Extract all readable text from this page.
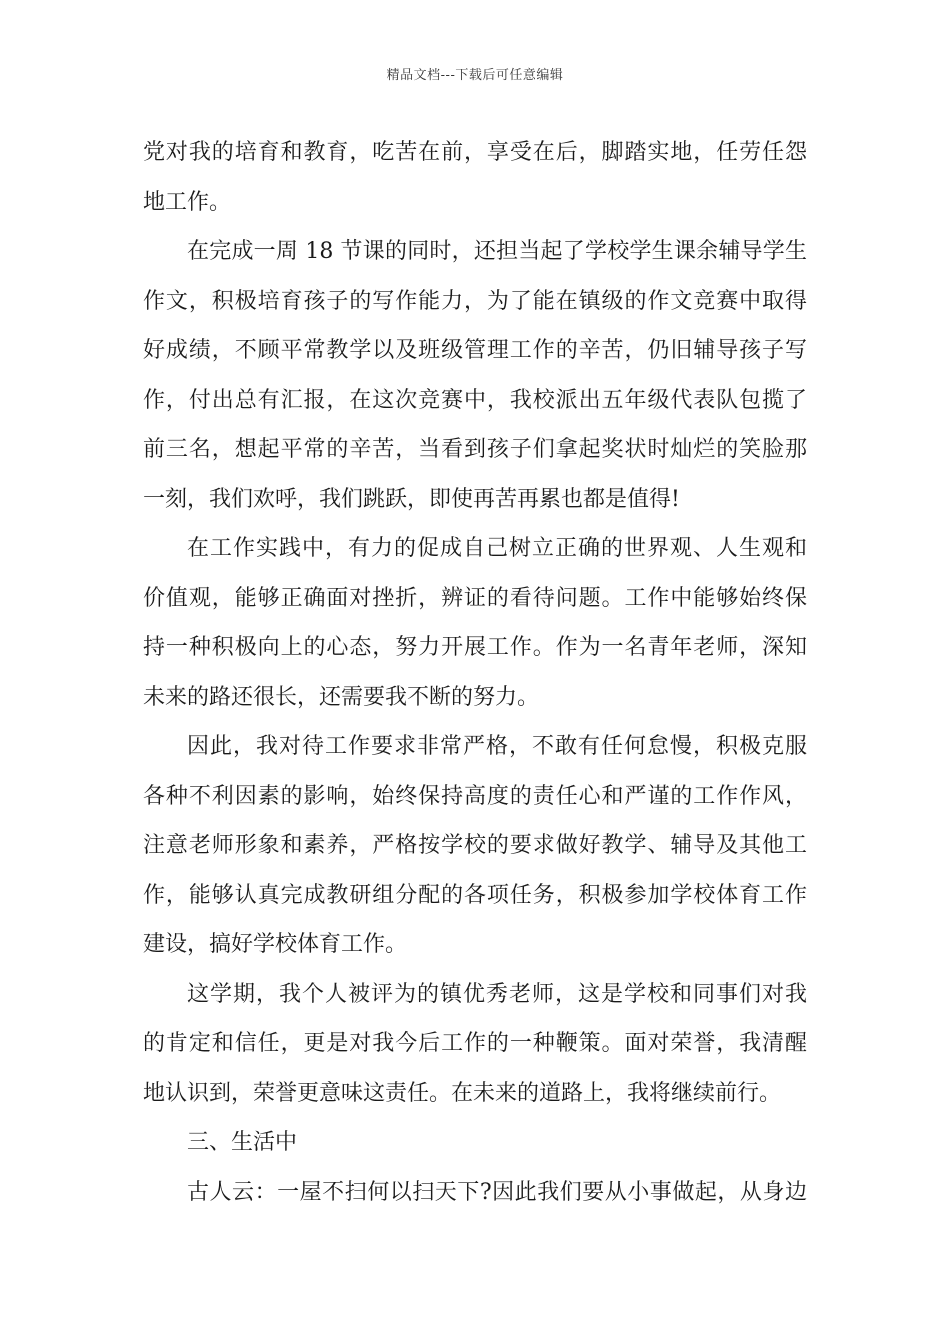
精品文档---下载后可任意编辑
党对我的培育和教育，吃苦在前，享受在后，脚踏实地，任劳任怨
地工作。
在完成一周 18 节课的同时，还担当起了学校学生课余辅导学生
作文，积极培育孩子的写作能力，为了能在镇级的作文竞赛中取得
好成绩，不顾平常教学以及班级管理工作的辛苦，仍旧辅导孩子写
作，付出总有汇报，在这次竞赛中，我校派出五年级代表队包揽了
前三名，想起平常的辛苦，当看到孩子们拿起奖状时灿烂的笑脸那
一刻，我们欢呼，我们跳跃，即使再苦再累也都是值得!
在工作实践中，有力的促成自己树立正确的世界观、人生观和
价值观，能够正确面对挫折，辨证的看待问题。工作中能够始终保
持一种积极向上的心态，努力开展工作。作为一名青年老师，深知
未来的路还很长，还需要我不断的努力。
因此，我对待工作要求非常严格，不敢有任何怠慢，积极克服
各种不利因素的影响，始终保持高度的责任心和严谨的工作作风，
注意老师形象和素养，严格按学校的要求做好教学、辅导及其他工
作，能够认真完成教研组分配的各项任务，积极参加学校体育工作
建设，搞好学校体育工作。
这学期，我个人被评为的镇优秀老师，这是学校和同事们对我
的肯定和信任，更是对我今后工作的一种鞭策。面对荣誉，我清醒
地认识到，荣誉更意味这责任。在未来的道路上，我将继续前行。
三、生活中
古人云：一屋不扫何以扫天下?因此我们要从小事做起，从身边
